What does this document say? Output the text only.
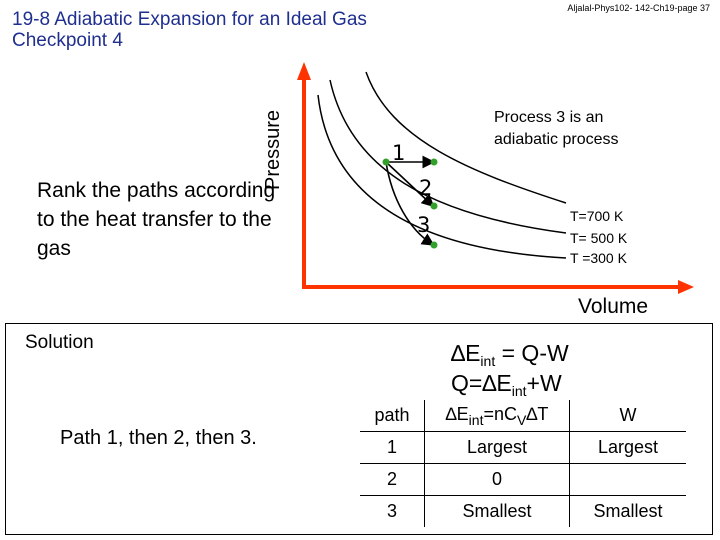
Aljalal-Phys102- 142-Ch19-page 37
19-8 Adiabatic Expansion for an Ideal Gas
Checkpoint 4
Rank the paths according to the heat transfer to the gas
1
2
3
Pressure	Process 3 is an adiabatic process
T=700 K
T= 500 K
T =300 K
Volume
Solution
Path 1, then 2, then 3.
$\Delta E_{int} = Q-W$
$Q=\Delta E_{int}+W$
path	$\Delta E_{int}=nC_V\Delta T$	W
1	Largest	Largest
2	0	
3	Smallest	Smallest
